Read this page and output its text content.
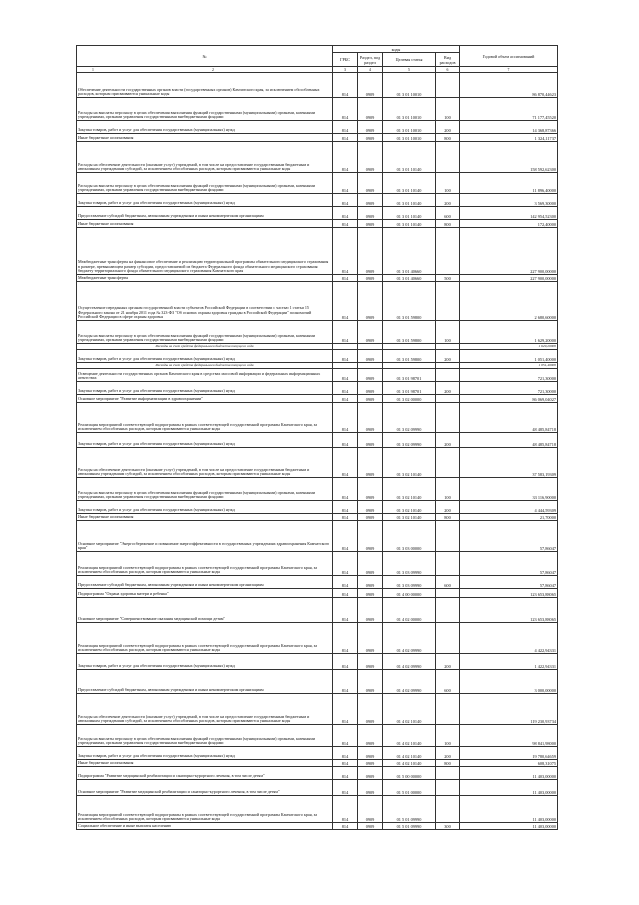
№	коды				Годовой объем ассигнований
	ГРБС	Раздел, под раздел	Целевая статья	Вид расходов	
1 2	3	4	5	6	7
Обеспечение деятельности государственных органов власти (государственных органов) Камчатского края, за исключением обособленных расходов, которым присваиваются уникальные коды	814	0909	01 3 01 10010		86 870,44623
Расходы на выплаты персоналу в целях обеспечения выполнения функций государственными (муниципальными) органами, казенными учреждениями, органами управления государственными внебюджетными фондами	814	0909	01 3 01 10010	100	71 177,45520
Закупка товаров, работ и услуг для обеспечения государственных (муниципальных) нужд	814	0909	01 3 01 10010	200	14 368,87366
Иные бюджетные ассигнования	814	0909	01 3 01 10010	800	1 324,11737
Расходы на обеспечение деятельности (оказание услуг) учреждений, в том числе на предоставление государственным бюджетным и автономным учреждениям субсидий, за исключением обособленных расходов, которым присваиваются уникальные коды	814	0909	01 3 01 10140		158 592,62300
Расходы на выплаты персоналу в целях обеспечения выполнения функций государственными (муниципальными) органами, казенными учреждениями, органами управления государственными внебюджетными фондами	814	0909	01 3 01 10140	100	11 896,40000
Закупка товаров, работ и услуг для обеспечения государственных (муниципальных) нужд	814	0909	01 3 01 10140	200	3 569,30000
Предоставление субсидий бюджетным, автономным учреждениям и иным некоммерческим организациям	814	0909	01 3 01 10140	600	142 954,52300
Иные бюджетные ассигнования	814	0909	01 3 01 10140	800	172,40000
Межбюджетные трансферты на финансовое обеспечение и реализацию территориальной программы обязательного медицинского страхования в размере, превышающем размер субсидии, предоставляемой из бюджета Федерального фонда обязательного медицинского страхования бюджету территориального фонда обязательного медицинского страхования Камчатского края	814	0909	01 3 01 40660		227 900,00000
Межбюджетные трансферты	814	0909	01 3 01 40660	500	227 900,00000
Осуществление переданных органам государственной власти субъектов Российской Федерации в соответствии с частью 1 статьи 15 Федерального закона от 21 ноября 2011 года № 323-ФЗ "Об основах охраны здоровья граждан в Российской Федерации" полномочий Российской Федерации в сфере охраны здоровья	814	0909	01 3 01 59800		2 680,60000
Расходы на выплаты персоналу в целях обеспечения выполнения функций государственными (муниципальными) органами, казенными учреждениями, органами управления государственными внебюджетными фондами	814	0909	01 3 01 59800	100	1 629,20000
Расходы за счет средств федерального бюджета текущего года					1 629,20000
Закупка товаров, работ и услуг для обеспечения государственных (муниципальных) нужд	814	0909	01 3 01 59800	200	1 051,40000
Расходы за счет средств федерального бюджета текущего года					1 051,40000
Освещение деятельности государственных органов Камчатского края в средствах массовой информации и федеральных информационных агентствах	814	0909	01 3 01 98701		721,30000
Закупка товаров, работ и услуг для обеспечения государственных (муниципальных) нужд	814	0909	01 3 01 98701	200	721,30000
Основное мероприятие "Развитие информатизации в здравоохранении"	814	0909	01 3 02 00000		86 069,04027
Реализация мероприятий соответствующей подпрограммы в рамках соответствующей государственной программы Камчатского края, за исключением обособленных расходов, которым присваиваются уникальные коды	814	0909	01 3 02 09990		48 485,84718
Закупка товаров, работ и услуг для обеспечения государственных (муниципальных) нужд	814	0909	01 3 02 09990	200	48 485,84718
Расходы на обеспечение деятельности (оказание услуг) учреждений, в том числе на предоставление государственным бюджетным и автономным учреждениям субсидий, за исключением обособленных расходов, которым присваиваются уникальные коды	814	0909	01 3 02 10140		37 583,19309
Расходы на выплаты персоналу в целях обеспечения выполнения функций государственными (муниципальными) органами, казенными учреждениями, органами управления государственными внебюджетными фондами	814	0909	01 3 02 10140	100	33 116,90000
Закупка товаров, работ и услуг для обеспечения государственных (муниципальных) нужд	814	0909	01 3 02 10140	200	4 444,59309
Иные бюджетные ассигнования	814	0909	01 3 02 10140	800	21,70000
Основное мероприятие "Энергосбережение и повышение энергоэффективности в государственных учреждениях здравоохранения Камчатского края"	814	0909	01 3 03 00000		57,86047
Реализация мероприятий соответствующей подпрограммы в рамках соответствующей государственной программы Камчатского края, за исключением обособленных расходов, которым присваиваются уникальные коды	814	0909	01 3 03 09990		57,86047
Предоставление субсидий бюджетным, автономным учреждениям и иным некоммерческим организациям	814	0909	01 3 03 09990	600	57,86047
Подпрограмма "Охрана здоровья матери и ребенка"	814	0909	01 4 00 00000		123 653,88065
Основное мероприятие "Совершенствование оказания медицинской помощи детям"	814	0909	01 4 02 00000		123 653,88065
Реализация мероприятий соответствующей подпрограммы в рамках соответствующей государственной программы Камчатского края, за исключением обособленных расходов, которым присваиваются уникальные коды	814	0909	01 4 02 09990		4 422,94331
Закупка товаров, работ и услуг для обеспечения государственных (муниципальных) нужд	814	0909	01 4 02 09990	200	1 422,94331
Предоставление субсидий бюджетным, автономным учреждениям и иным некоммерческим организациям	814	0909	01 4 02 09990	600	3 000,00000
Расходы на обеспечение деятельности (оказание услуг) учреждений, в том числе на предоставление государственным бюджетным и автономным учреждениям субсидий, за исключением обособленных расходов, которым присваиваются уникальные коды	814	0909	01 4 02 10140		119 230,93734
Расходы на выплаты персоналу в целях обеспечения выполнения функций государственными (муниципальными) органами, казенными учреждениями, органами управления государственными внебюджетными фондами	814	0909	01 4 02 10140	100	98 841,98000
Закупка товаров, работ и услуг для обеспечения государственных (муниципальных) нужд	814	0909	01 4 02 10140	200	19 780,64659
Иные бюджетные ассигнования	814	0909	01 4 02 10140	800	608,31075
Подпрограмма "Развитие медицинской реабилитации и санаторно-курортного лечения, в том числе детям"	814	0909	01 5 00 00000		11 403,00000
Основное мероприятие "Развитие медицинской реабилитации и санаторно-курортного лечения, в том числе детям"	814	0909	01 5 01 00000		11 403,00000
Реализация мероприятий соответствующей подпрограммы в рамках соответствующей государственной программы Камчатского края, за исключением обособленных расходов, которым присваиваются уникальные коды	814	0909	01 5 01 09990		11 403,00000
Социальное обеспечение и иные выплаты населению	814	0909	01 5 01 09990	300	11 403,00000
